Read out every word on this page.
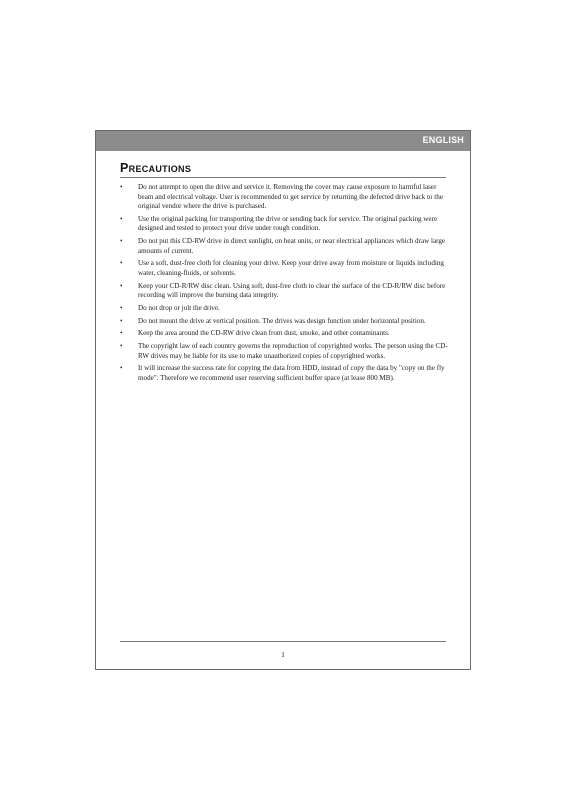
ENGLISH
PRECAUTIONS
• Do not attempt to open the drive and service it. Removing the cover may cause exposure to harmful laser beam and electrical voltage. User is recommended to get service by returning the defected drive back to the original vendor where the drive is purchased.
• Use the original packing for transporting the drive or sending back for service. The original packing were designed and tested to protect your drive under rough condition.
• Do not put this CD-RW drive in direct sunlight, on heat units, or near electrical appliances which draw large amounts of current.
• Use a soft, dust-free cloth for cleaning your drive. Keep your drive away from moisture or liquids including water, cleaning-fluids, or solvents.
• Keep your CD-R/RW disc clean. Using soft, dust-free cloth to clear the surface of the CD-R/RW disc before recording will improve the burning data integrity.
• Do not drop or jolt the drive.
• Do not mount the drive at vertical position. The drives was design function under horizontal position.
• Keep the area around the CD-RW drive clean from dust, smoke, and other contaminants.
• The copyright law of each country governs the reproduction of copyrighted works. The person using the CD-RW drives may be liable for its use to make unauthorized copies of copyrighted works.
• It will increase the success rate for copying the data from HDD, instead of copy the data by "copy on the fly mode". Therefore we recommend user reserving sufficient buffer space (at lease 800 MB).
1
